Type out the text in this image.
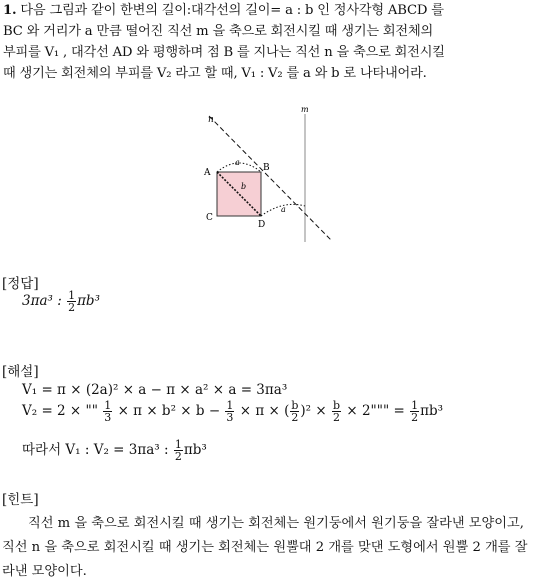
1. 다음 그림과 같이 한변의 길이:대각선의 길이= a : b 인 정사각형 ABCD 를
BC 와 거리가 a 만큼 떨어진 직선 m 을 축으로 회전시킬 때 생기는 회전체의
부피를 V₁ , 대각선 AD 와 평행하며 점 B 를 지나는 직선 n 을 축으로 회전시킬
때 생기는 회전체의 부피를 V₂ 라고 할 때, V₁ : V₂ 를 a 와 b 로 나타내어라.
A	B
C
D
m
n
a
a
b
[정답]
3πa³ : $\frac{1}{2} \pi b^3$
[해설]
V₁ = π × (2a)² × a − π × a² × a = 3πa³
V₂ = 2 × "" $\frac{1}{3} \times \pi \times b^2 \times b - \frac{1}{3} \times \pi$ × ( $\frac{b}{2} )^2 \times \frac{b}{2} \times 2$""" = $\frac{1}{2} \pi b^3$
따라서 V₁ : V₂ = 3πa³ : $\frac{1}{2} \pi b^3$
[힌트]
직선 m 을 축으로 회전시킬 때 생기는 회전체는 원기둥에서 원기둥을 잘라낸 모양이고, 직선 n 을 축으로 회전시킬 때 생기는 회전체는 원뿔대 2 개를 맞댄 도형에서 원뿔 2 개를 잘라낸 모양이다.
